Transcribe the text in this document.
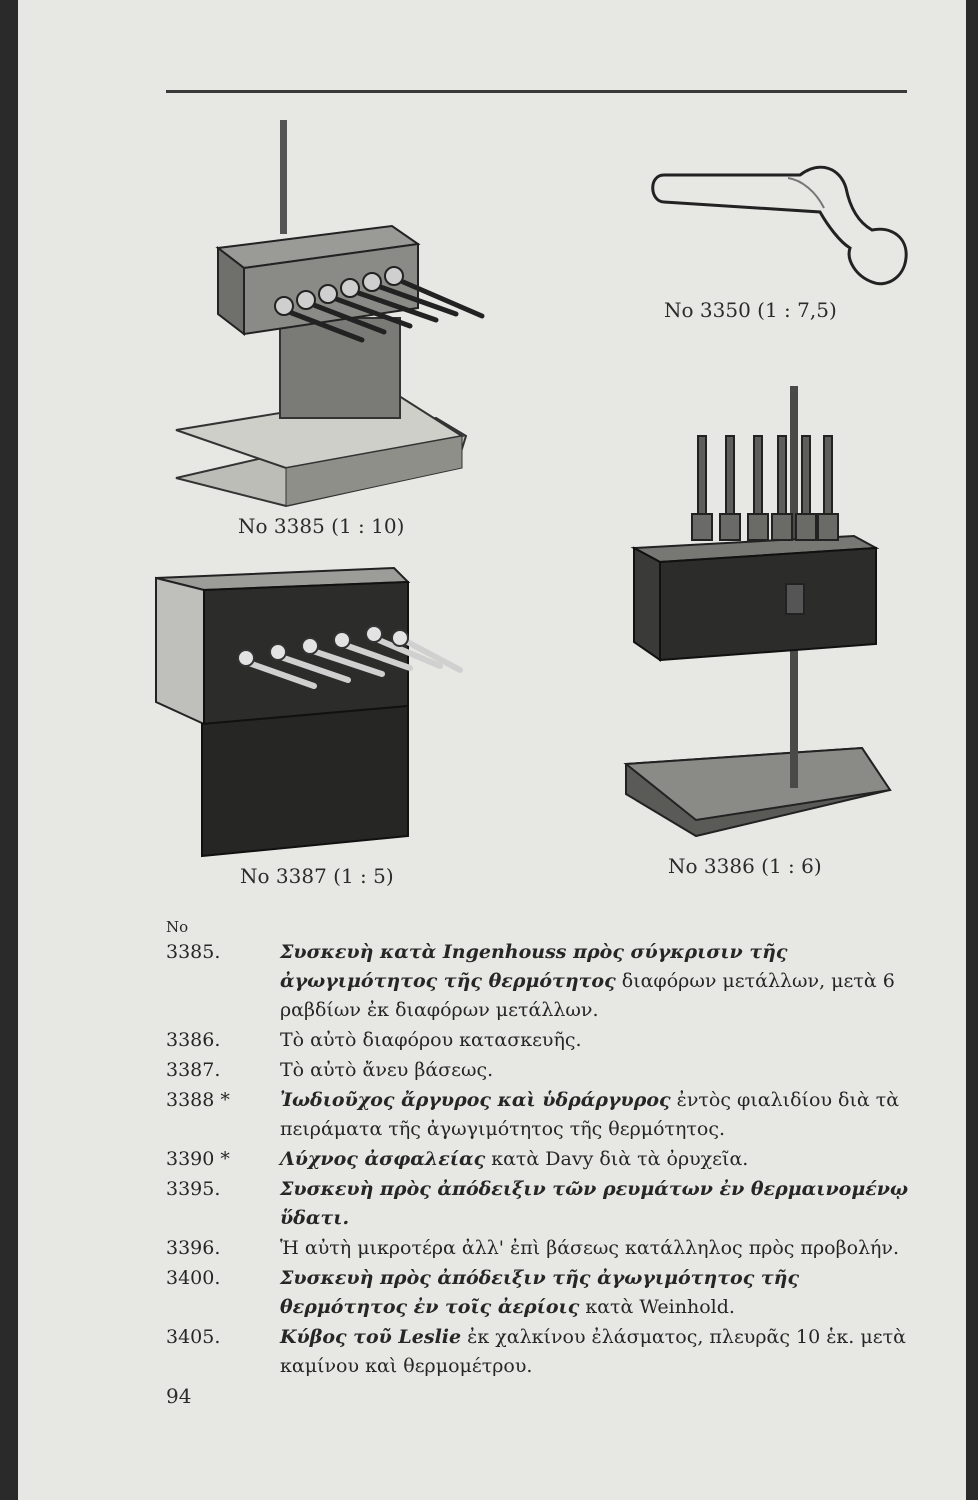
No 3350 (1 : 7,5)
No 3385 (1 : 10)
No 3387 (1 : 5)	No 3386 (1 : 6)
No
3385.	Συσκευὴ κατὰ Ingenhouss πρὸς σύγκρισιν τῆς ἀγωγιμότητος τῆς θερμότητος διαφόρων μετάλλων, μετὰ 6 ραβδίων ἐκ διαφόρων μετάλλων.
3386.	Τὸ αὐτὸ διαφόρου κατασκευῆς.
3387.	Τὸ αὐτὸ ἄνευ βάσεως.
3388 *	Ἰωδιοῦχος ἄργυρος καὶ ὑδράργυρος ἐντὸς φιαλιδίου διὰ τὰ πειράματα τῆς ἀγωγιμότητος τῆς θερμότητος.
3390 *	Λύχνος ἀσφαλείας κατὰ Davy διὰ τὰ ὀρυχεῖα.
3395.	Συσκευὴ πρὸς ἀπόδειξιν τῶν ρευμάτων ἐν θερμαινομένῳ ὕδατι.
3396.	Ἡ αὐτὴ μικροτέρα ἀλλ' ἐπὶ βάσεως κατάλληλος πρὸς προβολήν.
3400.	Συσκευὴ πρὸς ἀπόδειξιν τῆς ἀγωγιμότητος τῆς θερμότητος ἐν τοῖς ἀερίοις κατὰ Weinhold.
3405.	Κύβος τοῦ Leslie ἐκ χαλκίνου ἐλάσματος, πλευρᾶς 10 ἑκ. μετὰ καμίνου καὶ θερμομέτρου.
94
